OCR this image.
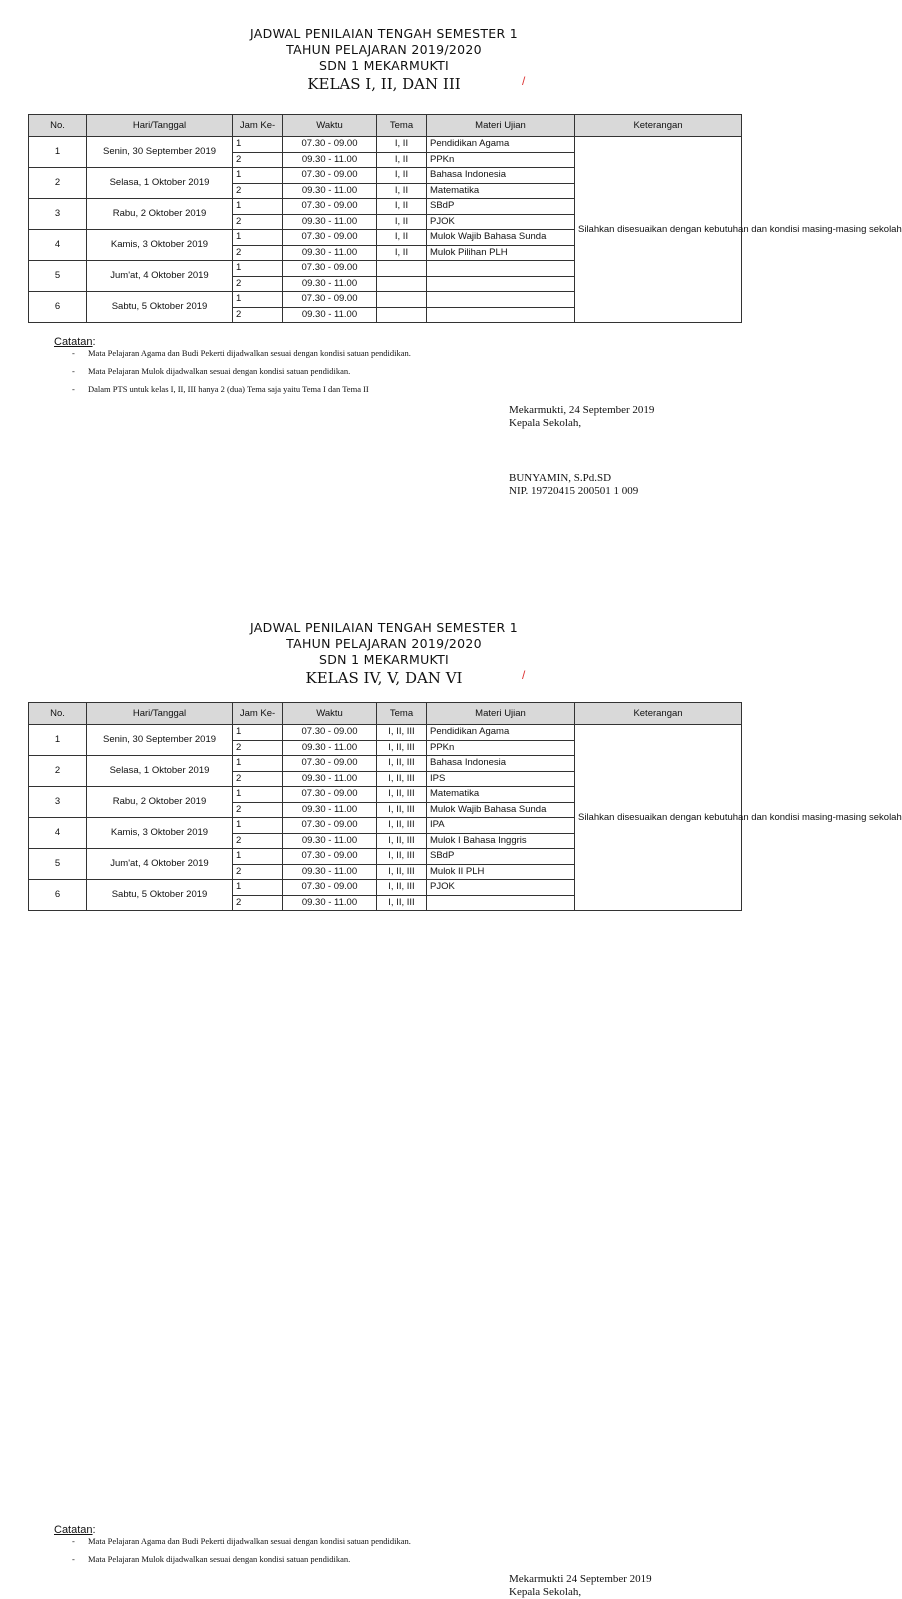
JADWAL PENILAIAN TENGAH SEMESTER 1
TAHUN PELAJARAN 2019/2020
SDN 1 MEKARMUKTI
KELAS I, II, DAN III	/
No.	Hari/Tanggal	Jam Ke-	Waktu	Tema	Materi Ujian	Keterangan
1	Senin, 30 September 2019	1	07.30 - 09.00	I, II	Pendidikan Agama	Silahkan disesuaikan dengan kebutuhan dan kondisi masing-masing sekolah
		2	09.30 - 11.00	I, II	PPKn	
2	Selasa, 1 Oktober 2019	1	07.30 - 09.00	I, II	Bahasa Indonesia	
		2	09.30 - 11.00	I, II	Matematika	
3	Rabu, 2 Oktober 2019	1	07.30 - 09.00	I, II	SBdP	
		2	09.30 - 11.00	I, II	PJOK	
4	Kamis, 3 Oktober 2019	1	07.30 - 09.00	I, II	Mulok Wajib Bahasa Sunda	
		2	09.30 - 11.00	I, II	Mulok Pilihan PLH	
5	Jum'at, 4 Oktober 2019	1	07.30 - 09.00			
		2	09.30 - 11.00			
6	Sabtu, 5 Oktober 2019	1	07.30 - 09.00			
		2	09.30 - 11.00			
Catatan:
- Mata Pelajaran Agama dan Budi Pekerti dijadwalkan sesuai dengan kondisi satuan pendidikan.
- Mata Pelajaran Mulok dijadwalkan sesuai dengan kondisi satuan pendidikan.
- Dalam PTS untuk kelas I, II, III hanya 2 (dua) Tema saja yaitu Tema I dan Tema II
Mekarmukti, 24 September 2019
Kepala Sekolah,
BUNYAMIN, S.Pd.SD
NIP. 19720415 200501 1 009
JADWAL PENILAIAN TENGAH SEMESTER 1
TAHUN PELAJARAN 2019/2020
SDN 1 MEKARMUKTI
KELAS IV, V, DAN VI	/
No.	Hari/Tanggal	Jam Ke-	Waktu	Tema	Materi Ujian	Keterangan
1	Senin, 30 September 2019	1	07.30 - 09.00	I, II, III	Pendidikan Agama	Silahkan disesuaikan dengan kebutuhan dan kondisi masing-masing sekolah
		2	09.30 - 11.00	I, II, III	PPKn	
2	Selasa, 1 Oktober 2019	1	07.30 - 09.00	I, II, III	Bahasa Indonesia	
		2	09.30 - 11.00	I, II, III	IPS	
3	Rabu, 2 Oktober 2019	1	07.30 - 09.00	I, II, III	Matematika	
		2	09.30 - 11.00	I, II, III	Mulok Wajib Bahasa Sunda	
4	Kamis, 3 Oktober 2019	1	07.30 - 09.00	I, II, III	IPA	
		2	09.30 - 11.00	I, II, III	Mulok I Bahasa Inggris	
5	Jum'at, 4 Oktober 2019	1	07.30 - 09.00	I, II, III	SBdP	
		2	09.30 - 11.00	I, II, III	Mulok II PLH	
6	Sabtu, 5 Oktober 2019	1	07.30 - 09.00	I, II, III	PJOK	
		2	09.30 - 11.00	I, II, III		
Catatan:
- Mata Pelajaran Agama dan Budi Pekerti dijadwalkan sesuai dengan kondisi satuan pendidikan.
- Mata Pelajaran Mulok dijadwalkan sesuai dengan kondisi satuan pendidikan.
Mekarmukti 24 September 2019
Kepala Sekolah,
